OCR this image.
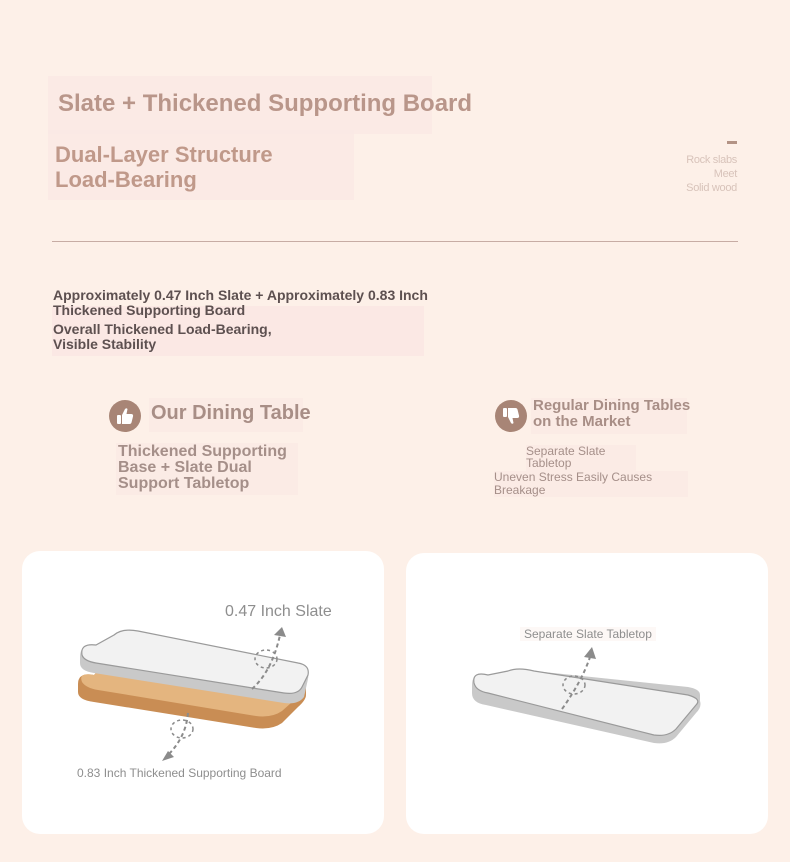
Slate + Thickened Supporting Board
Dual-Layer Structure
Load-Bearing
Rock slabs
Meet
Solid wood

Approximately 0.47 Inch Slate + Approximately 0.83 Inch Thickened Supporting Board

Overall Thickened Load-Bearing, Visible Stability

Our Dining Table
Thickened Supporting
Base + Slate Dual
Support Tabletop
Regular Dining Tables
on the Market
Separate Slate
Tabletop
Uneven Stress Easily Causes
Breakage
0.47 Inch Slate
0.83 Inch Thickened Supporting Board
Separate Slate Tabletop
